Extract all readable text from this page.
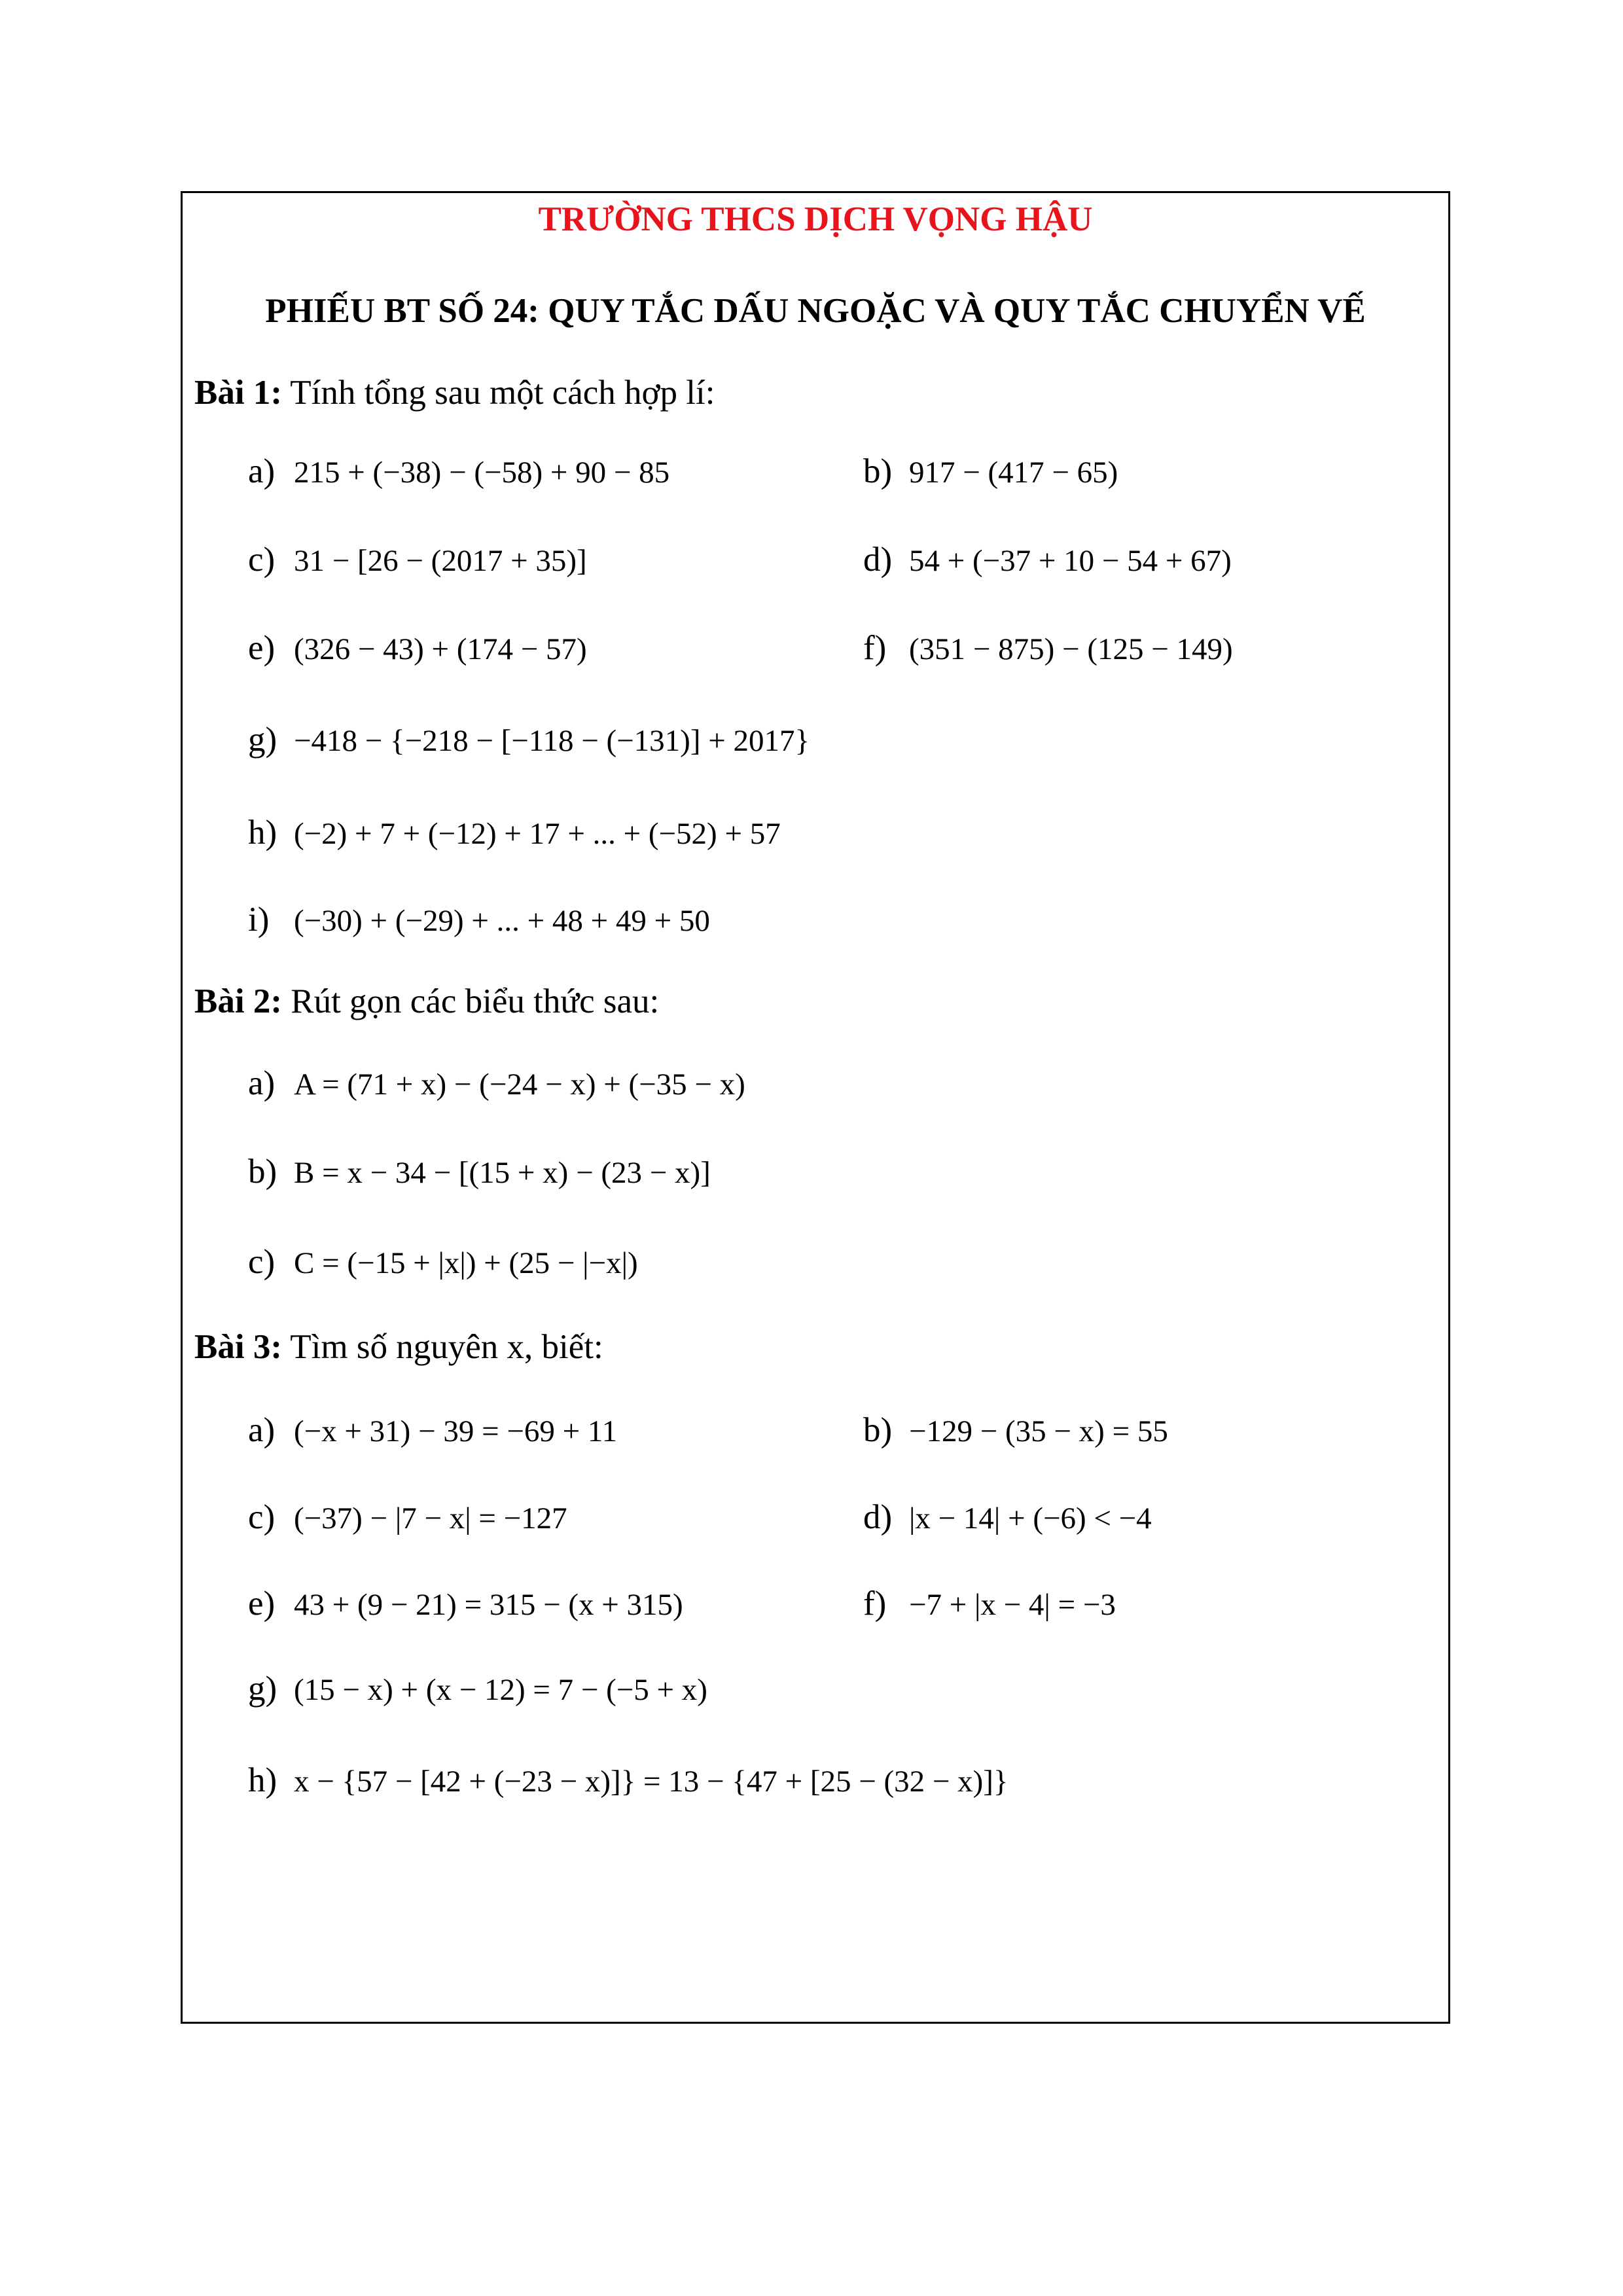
TRƯỜNG THCS DỊCH VỌNG HẬU
PHIẾU BT SỐ 24: QUY TẮC DẤU NGOẶC VÀ QUY TẮC CHUYỂN VẾ
Bài 1: Tính tổng sau một cách hợp lí:
a) 215 + (−38) − (−58) + 90 − 85	b) 917 − (417 − 65)
c) 31 − [26 − (2017 + 35)]	d) 54 + (−37 + 10 − 54 + 67)
e) (326 − 43) + (174 − 57)	f) (351 − 875) − (125 − 149)
g) −418 − {−218 − [−118 − (−131)] + 2017}
h) (−2) + 7 + (−12) + 17 + ... + (−52) + 57
i) (−30) + (−29) + ... + 48 + 49 + 50
Bài 2: Rút gọn các biểu thức sau:
a) A = (71 + x) − (−24 − x) + (−35 − x)
b) B = x − 34 − [(15 + x) − (23 − x)]
c) C = (−15 + |x|) + (25 − |−x|)
Bài 3: Tìm số nguyên x, biết:
a) (−x + 31) − 39 = −69 + 11	b) −129 − (35 − x) = 55
c) (−37) − |7 − x| = −127	d) |x − 14| + (−6) < −4
e) 43 + (9 − 21) = 315 − (x + 315)	f) −7 + |x − 4| = −3
g) (15 − x) + (x − 12) = 7 − (−5 + x)
h) x − {57 − [42 + (−23 − x)]} = 13 − {47 + [25 − (32 − x)]}
